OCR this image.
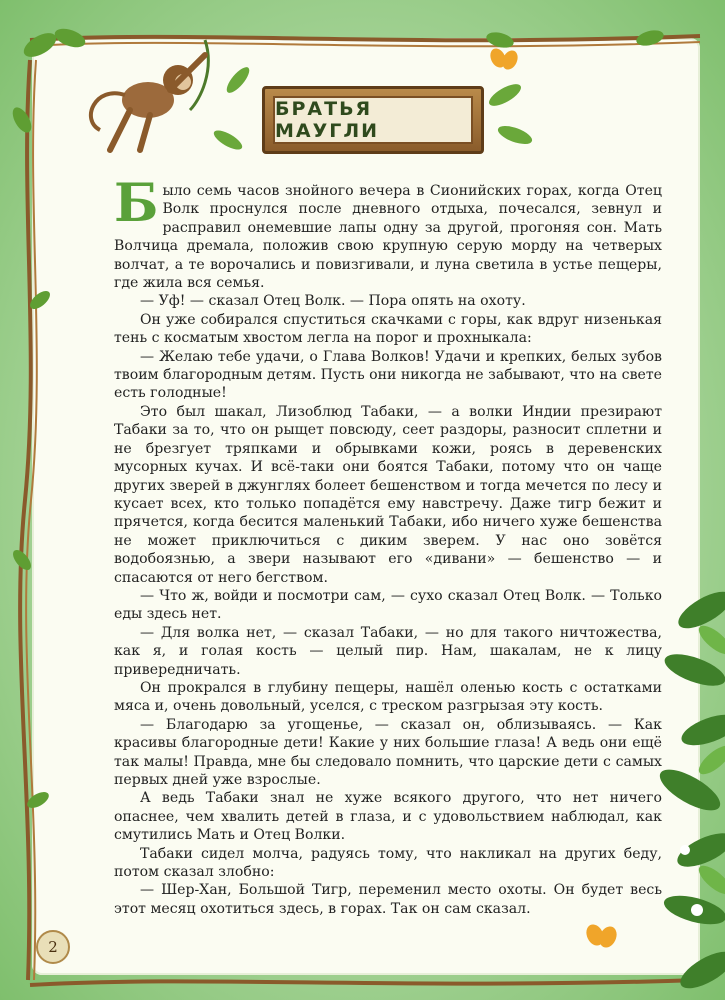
БРАТЬЯ МАУГЛИ

Было семь часов знойного вечера в Сионийских горах, когда Отец Волк проснулся после дневного отдыха, почесался, зевнул и расправил онемевшие лапы одну за другой, прогоняя сон. Мать Волчица дремала, положив свою крупную серую морду на четверых волчат, а те ворочались и повизгивали, и луна светила в устье пещеры, где жила вся семья.

— Уф! — сказал Отец Волк. — Пора опять на охоту.

Он уже собирался спуститься скачками с горы, как вдруг низенькая тень с косматым хвостом легла на порог и прохныкала:

— Желаю тебе удачи, о Глава Волков! Удачи и крепких, белых зубов твоим благородным детям. Пусть они никогда не забывают, что на свете есть голодные!

Это был шакал, Лизоблюд Табаки, — а волки Индии презирают Табаки за то, что он рыщет повсюду, сеет раздоры, разносит сплетни и не брезгует тряпками и обрывками кожи, роясь в деревенских мусорных кучах. И всё-таки они боятся Табаки, потому что он чаще других зверей в джунглях болеет бешенством и тогда мечется по лесу и кусает всех, кто только попадётся ему навстречу. Даже тигр бежит и прячется, когда бесится маленький Табаки, ибо ничего хуже бешенства не может приключиться с диким зверем. У нас оно зовётся водобоязнью, а звери называют его «дивани» — бешенство — и спасаются от него бегством.

— Что ж, войди и посмотри сам, — сухо сказал Отец Волк. — Только еды здесь нет.

— Для волка нет, — сказал Табаки, — но для такого ничтожества, как я, и голая кость — целый пир. Нам, шакалам, не к лицу привередничать.

Он прокрался в глубину пещеры, нашёл оленью кость с остатками мяса и, очень довольный, уселся, с треском разгрызая эту кость.

— Благодарю за угощенье, — сказал он, облизываясь. — Как красивы благородные дети! Какие у них большие глаза! А ведь они ещё так малы! Правда, мне бы следовало помнить, что царские дети с самых первых дней уже взрослые.

А ведь Табаки знал не хуже всякого другого, что нет ничего опаснее, чем хвалить детей в глаза, и с удовольствием наблюдал, как смутились Мать и Отец Волки.

Табаки сидел молча, радуясь тому, что накликал на других беду, потом сказал злобно:

— Шер-Хан, Большой Тигр, переменил место охоты. Он будет весь этот месяц охотиться здесь, в горах. Так он сам сказал.

2
